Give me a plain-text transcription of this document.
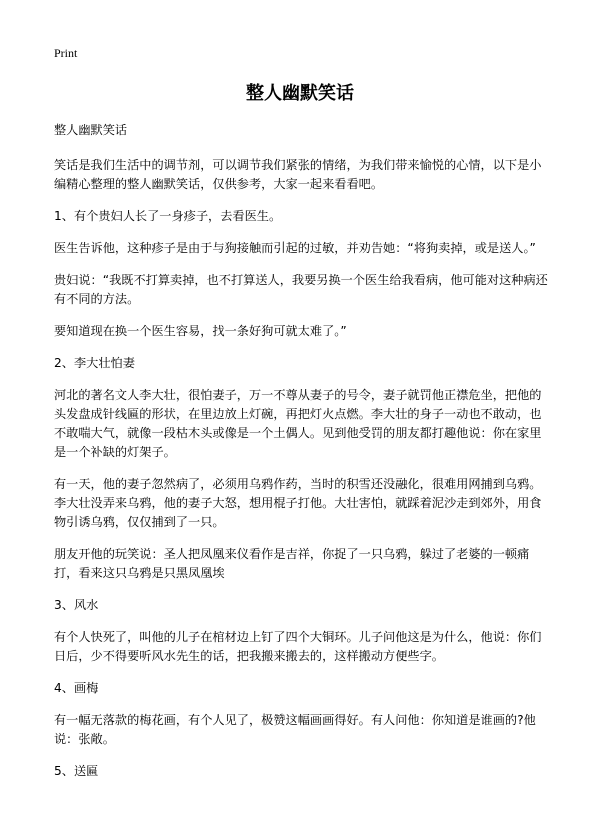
Print
整人幽默笑话

整人幽默笑话

笑话是我们生活中的调节剂，可以调节我们紧张的情绪，为我们带来愉悦的心情，以下是小编精心整理的整人幽默笑话，仅供参考，大家一起来看看吧。

1、有个贵妇人长了一身疹子，去看医生。

医生告诉他，这种疹子是由于与狗接触而引起的过敏，并劝告她：“将狗卖掉，或是送人。”

贵妇说：“我既不打算卖掉，也不打算送人，我要另换一个医生给我看病，他可能对这种病还有不同的方法。

要知道现在换一个医生容易，找一条好狗可就太难了。”

2、李大壮怕妻

河北的著名文人李大壮，很怕妻子，万一不尊从妻子的号令，妻子就罚他正襟危坐，把他的头发盘成针线匾的形状，在里边放上灯碗，再把灯火点燃。李大壮的身子一动也不敢动，也不敢喘大气，就像一段枯木头或像是一个土偶人。见到他受罚的朋友都打趣他说：你在家里是一个补缺的灯架子。

有一天，他的妻子忽然病了，必须用乌鸦作药，当时的积雪还没融化，很难用网捕到乌鸦。李大壮没弄来乌鸦，他的妻子大怒，想用棍子打他。大壮害怕，就踩着泥沙走到郊外，用食物引诱乌鸦，仅仅捕到了一只。

朋友开他的玩笑说：圣人把凤凰来仪看作是吉祥，你捉了一只乌鸦，躲过了老婆的一顿痛打，看来这只乌鸦是只黑凤凰埃

3、风水

有个人快死了，叫他的儿子在棺材边上钉了四个大铜环。儿子问他这是为什么，他说：你们日后，少不得要听风水先生的话，把我搬来搬去的，这样搬动方便些字。

4、画梅

有一幅无落款的梅花画，有个人见了，极赞这幅画画得好。有人问他：你知道是谁画的?他说：张敞。

5、送匾
